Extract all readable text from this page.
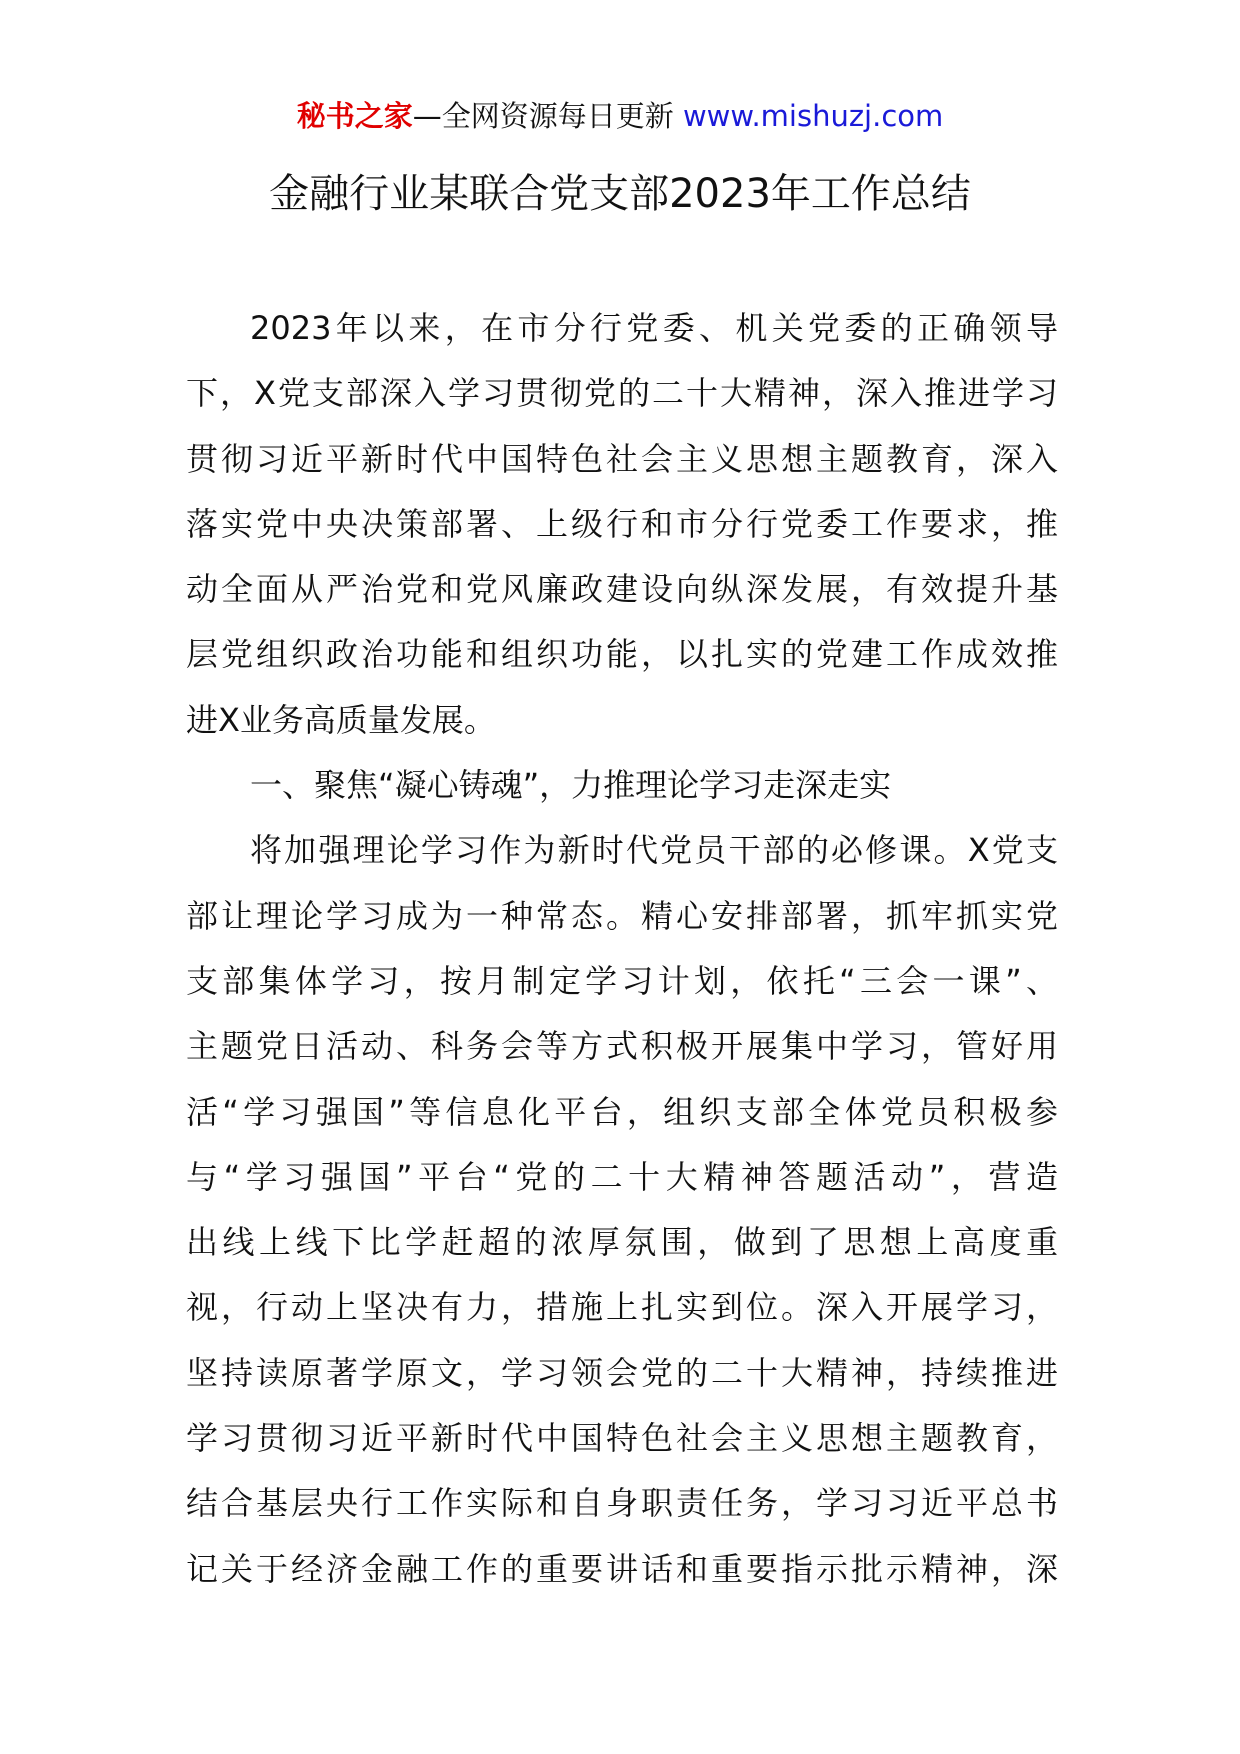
秘书之家—全网资源每日更新 www.mishuzj.com
金融行业某联合党支部2023年工作总结

2023年以来，在市分行党委、机关党委的正确领导
下，X党支部深入学习贯彻党的二十大精神，深入推进学习
贯彻习近平新时代中国特色社会主义思想主题教育，深入
落实党中央决策部署、上级行和市分行党委工作要求，推
动全面从严治党和党风廉政建设向纵深发展，有效提升基
层党组织政治功能和组织功能，以扎实的党建工作成效推
进X业务高质量发展。

一、聚焦“凝心铸魂”，力推理论学习走深走实

将加强理论学习作为新时代党员干部的必修课。X党支
部让理论学习成为一种常态。精心安排部署，抓牢抓实党
支部集体学习，按月制定学习计划，依托“三会一课”、
主题党日活动、科务会等方式积极开展集中学习，管好用
活“学习强国”等信息化平台，组织支部全体党员积极参
与“学习强国”平台“党的二十大精神答题活动”，营造
出线上线下比学赶超的浓厚氛围，做到了思想上高度重
视，行动上坚决有力，措施上扎实到位。深入开展学习，
坚持读原著学原文，学习领会党的二十大精神，持续推进
学习贯彻习近平新时代中国特色社会主义思想主题教育，
结合基层央行工作实际和自身职责任务，学习习近平总书
记关于经济金融工作的重要讲话和重要指示批示精神，深
